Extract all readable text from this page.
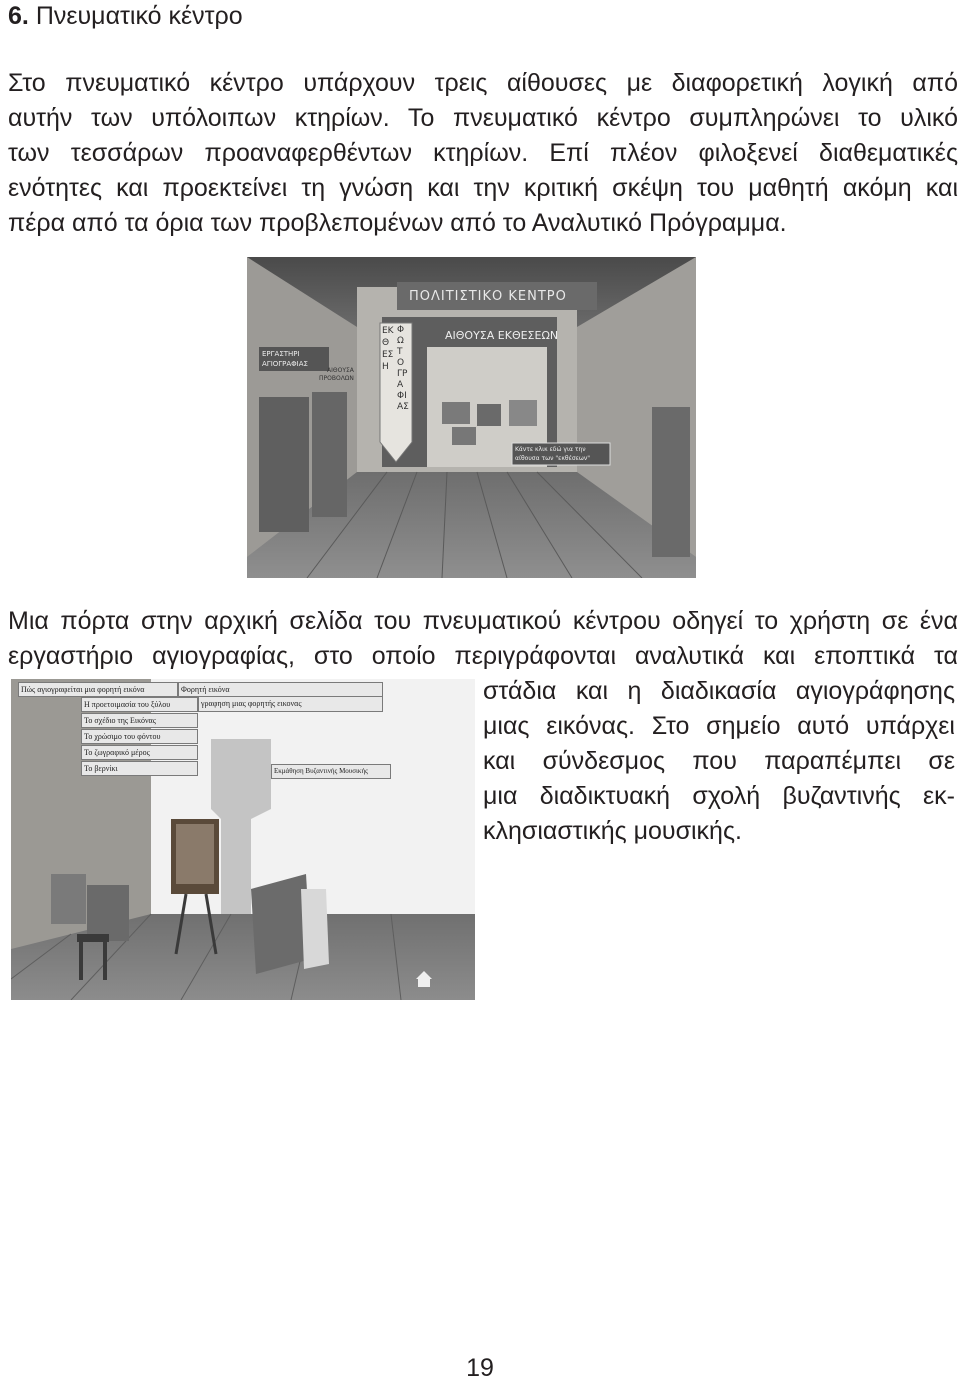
6. Πνευματικό κέντρο
Στο πνευματικό κέντρο υπάρχουν τρεις αίθουσες με διαφορετική λογική από
αυτήν των υπόλοιπων κτηρίων. Το πνευματικό κέντρο συμπληρώνει το υλικό
των τεσσάρων προαναφερθέντων κτηρίων. Επί πλέον φιλοξενεί διαθεματικές
ενότητες και προεκτείνει τη γνώση και την κριτική σκέψη του μαθητή ακόμη και
πέρα από τα όρια των προβλεπομένων από το Αναλυτικό Πρόγραμμα.
ΠΟΛΙΤΙΣΤΙΚΟ ΚΕΝΤΡΟ
ΑΙΘΟΥΣΑ ΕΚΘΕΣΕΩΝ
ΕΡΓΑΣΤΗΡΙ
ΑΓΙΟΓΡΑΦΙΑΣ
ΑΙΘΟΥΣΑ
ΠΡΟΒΟΛΩΝ
ΕΚΘΕΣΗ
ΦΩΤΟΓΡΑΦΙΑΣ
Κάντε κλικ εδώ για την
αίθουσα των "εκθέσεων"
Μια πόρτα στην αρχική σελίδα του πνευματικού κέντρου οδηγεί το χρήστη σε ένα
εργαστήριο αγιογραφίας, στο οποίο περιγράφονται αναλυτικά και εποπτικά τα
Πώς αγιογραφείται μια φορητή εικόνα	Φορητή εικόνα
γραφηση μιας φορητής εικονας
Η προετοιμασία του ξύλου
Το σχέδιο της Εικόνας
Το χρώσιμο του φόντου
Το ζωγραφικό μέρος
Το βερνίκι	Εκμάθηση Βυζαντινής Μουσικής
στάδια και η διαδικασία αγιογράφησης
μιας εικόνας. Στο σημείο αυτό υπάρχει
και σύνδεσμος που παραπέμπει σε
μια διαδικτυακή σχολή βυζαντινής εκ-
κλησιαστικής μουσικής.
19
